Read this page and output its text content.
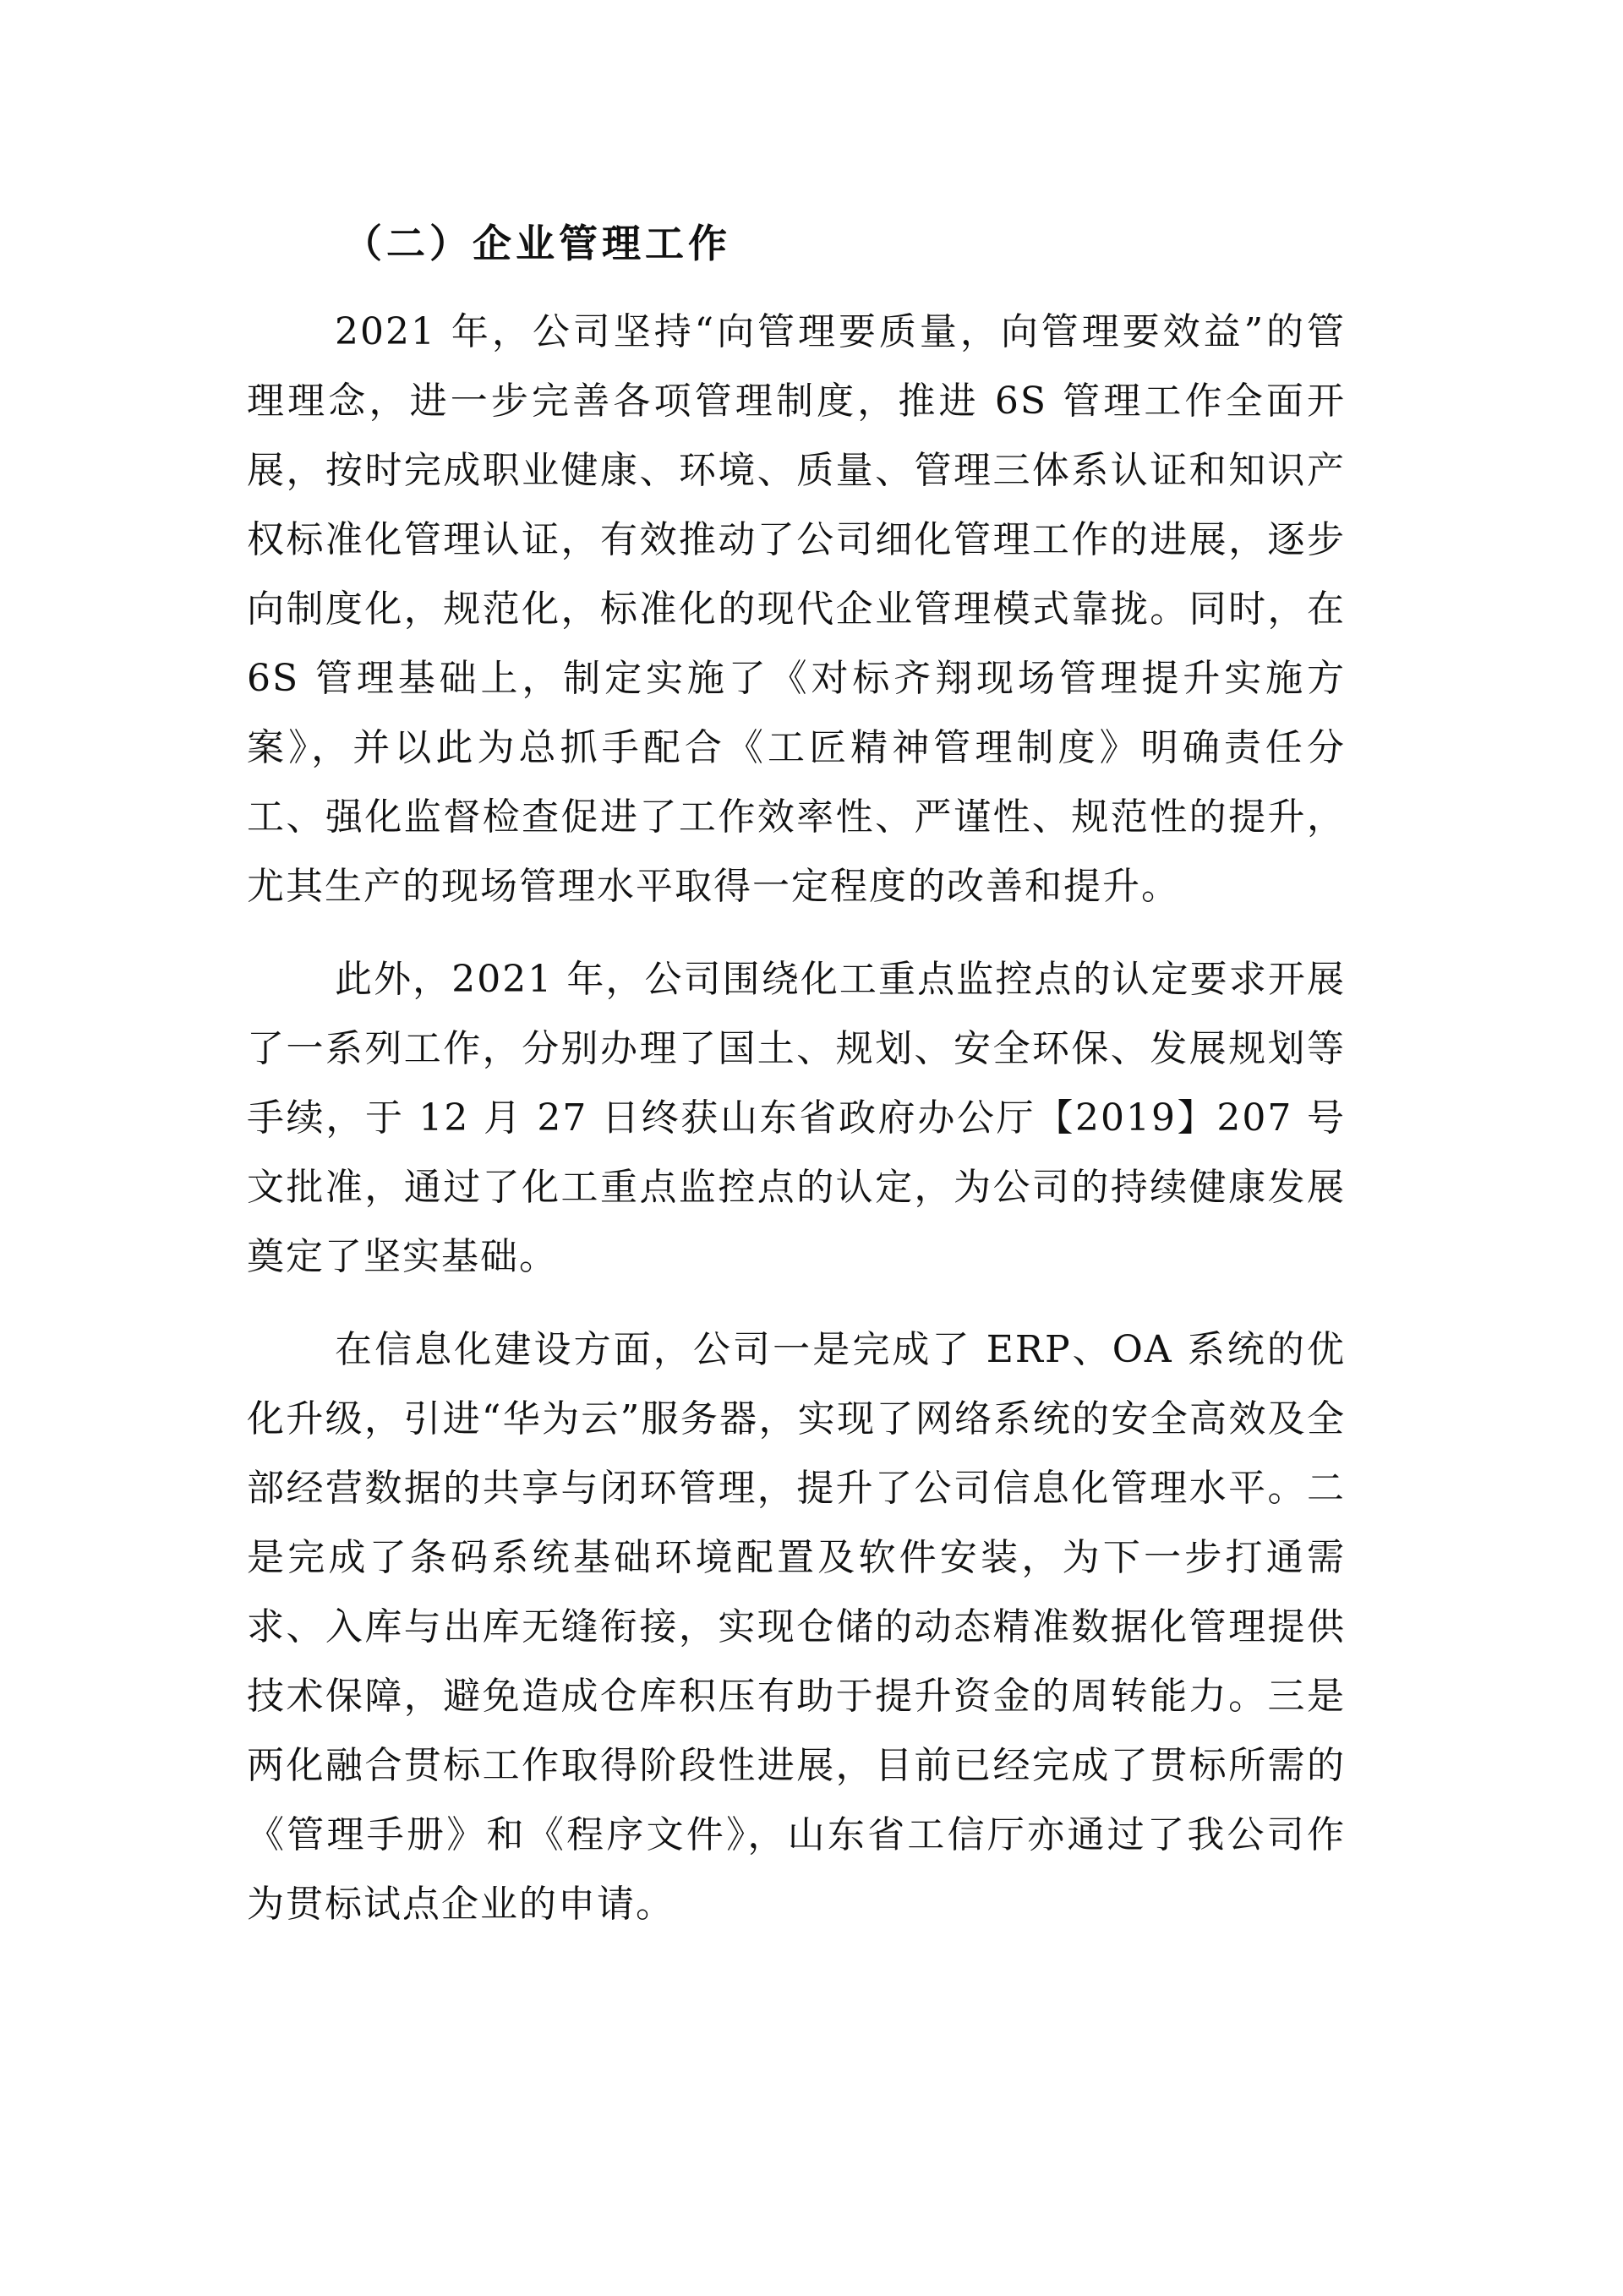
（二）企业管理工作

2021 年，公司坚持“向管理要质量，向管理要效益”的管理理念，进一步完善各项管理制度，推进 6S 管理工作全面开展，按时完成职业健康、环境、质量、管理三体系认证和知识产权标准化管理认证，有效推动了公司细化管理工作的进展，逐步向制度化，规范化，标准化的现代企业管理模式靠拢。同时，在 6S 管理基础上，制定实施了《对标齐翔现场管理提升实施方案》，并以此为总抓手配合《工匠精神管理制度》明确责任分工、强化监督检查促进了工作效率性、严谨性、规范性的提升，尤其生产的现场管理水平取得一定程度的改善和提升。

此外，2021 年，公司围绕化工重点监控点的认定要求开展了一系列工作，分别办理了国土、规划、安全环保、发展规划等手续，于 12 月 27 日终获山东省政府办公厅【2019】207 号文批准，通过了化工重点监控点的认定，为公司的持续健康发展奠定了坚实基础。

在信息化建设方面，公司一是完成了 ERP、OA 系统的优化升级，引进“华为云”服务器，实现了网络系统的安全高效及全部经营数据的共享与闭环管理，提升了公司信息化管理水平。二是完成了条码系统基础环境配置及软件安装，为下一步打通需求、入库与出库无缝衔接，实现仓储的动态精准数据化管理提供技术保障，避免造成仓库积压有助于提升资金的周转能力。三是两化融合贯标工作取得阶段性进展，目前已经完成了贯标所需的《管理手册》和《程序文件》，山东省工信厅亦通过了我公司作为贯标试点企业的申请。
